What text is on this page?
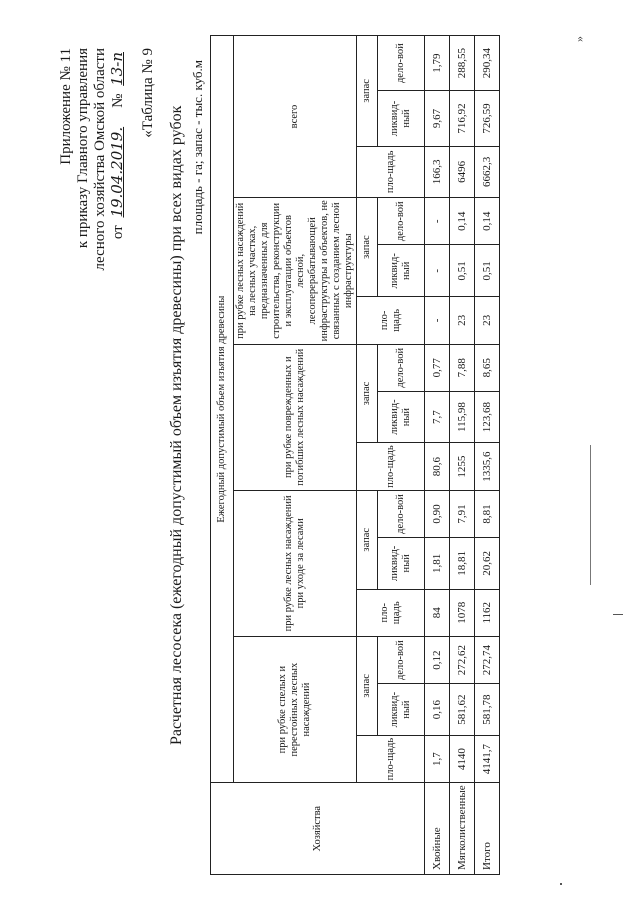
Приложение № 11 к приказу Главного управления лесного хозяйства Омской области от 19.04.2019.    № 13-п «Таблица № 9
Расчетная лесосека (ежегодный допустимый объем изъятия древесины) при всех видах рубок площадь - га; запас - тыс. куб.м
Хозяйства	Ежегодный допустимый объем изъятия древесины														
	при рубке спелых и перестойных лесных насаждений			при рубке лесных насаждений при уходе за лесами			при рубке поврежденных и погибших лесных насаждений			при рубке лесных насаждений на лесных участках, предназначенных для строительства, реконструкции и эксплуатации объектов лесной, лесоперерабатывающей инфраструктуры и объектов, не связанных с созданием лесной инфраструктуры			всего		
	пло-щадь	запас		пло-щадь	запас		пло-щадь	запас		пло-щадь	запас		пло-щадь	запас	
		ликвид-ный	дело-вой		ликвид-ный	дело-вой		ликвид-ный	дело-вой		ликвид-ный	дело-вой		ликвид-ный	дело-вой
Хвойные	1,7	0,16	0,12	84	1,81	0,90	80,6	7,7	0,77	-	-	-	166,3	9,67	1,79
Мягколиственные	4140	581,62	272,62	1078	18,81	7,91	1255	115,98	7,88	23	0,51	0,14	6496	716,92	288,55
Итого	4141,7	581,78	272,74	1162	20,62	8,81	1335,6	123,68	8,65	23	0,51	0,14	6662,3	726,59	290,34
»
